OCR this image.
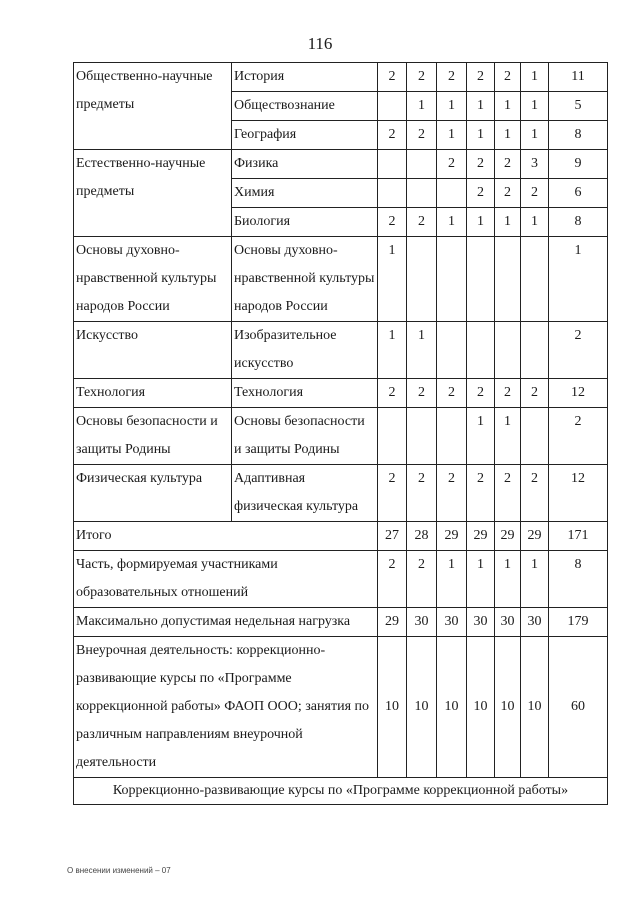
116
Общественно-научные предметы	История	2	2	2	2	2	1	11
	Обществознание		1	1	1	1	1	5
	География	2	2	1	1	1	1	8
Естественно-научные предметы	Физика			2	2	2	3	9
	Химия				2	2	2	6
	Биология	2	2	1	1	1	1	8
Основы духовно-нравственной культуры народов России	Основы духовно-нравственной культуры народов России	1						1
Искусство	Изобразительное искусство	1	1					2
Технология	Технология	2	2	2	2	2	2	12
Основы безопасности и защиты Родины	Основы безопасности и защиты Родины				1	1		2
Физическая культура	Адаптивная физическая культура	2	2	2	2	2	2	12
Итого		27	28	29	29	29	29	171
Часть, формируемая участниками образовательных отношений		2	2	1	1	1	1	8
Максимально допустимая недельная нагрузка		29	30	30	30	30	30	179
Внеурочная деятельность: коррекционно-развивающие курсы по «Программе коррекционной работы» ФАОП ООО; занятия по различным направлениям внеурочной деятельности		10	10	10	10	10	10	60
Коррекционно-развивающие курсы по «Программе коррекционной работы»								
О внесении изменений – 07
